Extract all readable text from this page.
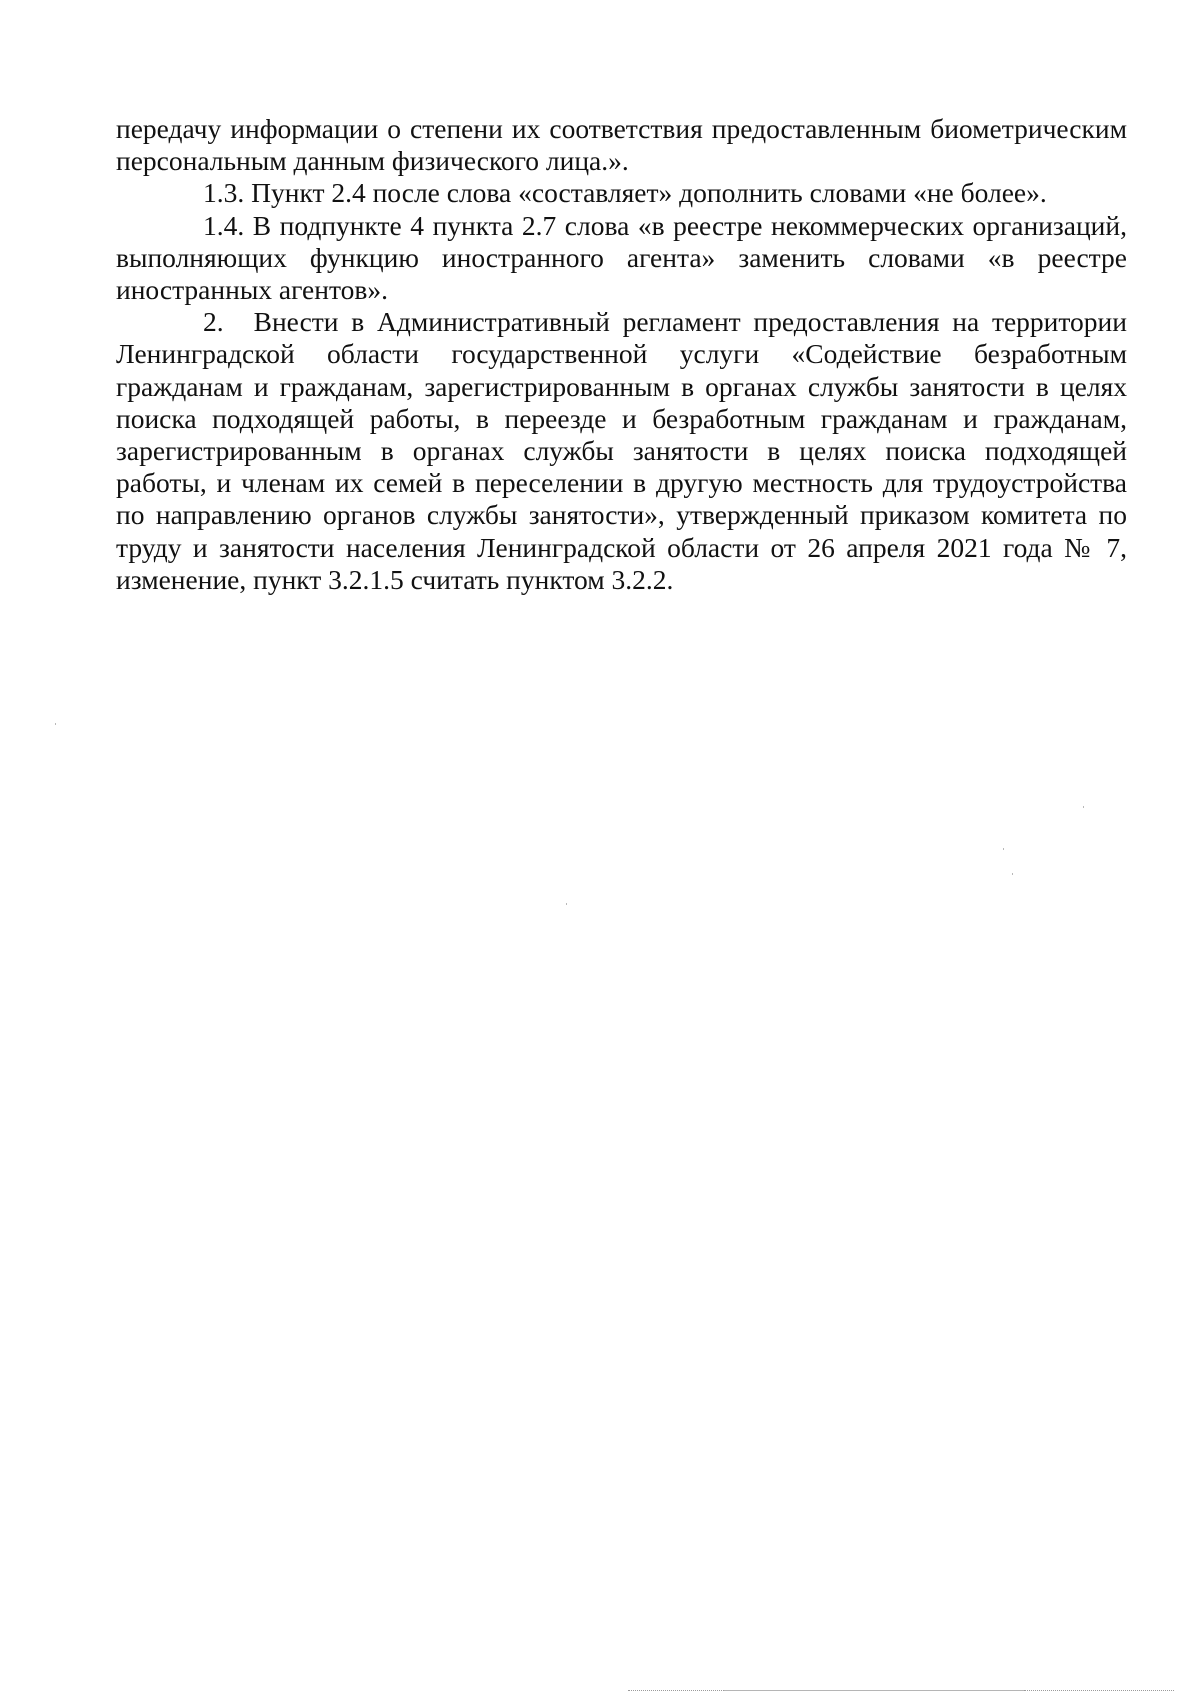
передачу информации о степени их соответствия предоставленным биометрическим персональным данным физического лица.».

1.3. Пункт 2.4 после слова «составляет» дополнить словами «не более».

1.4. В подпункте 4 пункта 2.7 слова «в реестре некоммерческих организаций, выполняющих функцию иностранного агента» заменить словами «в реестре иностранных агентов».

2. Внести в Административный регламент предоставления на территории Ленинградской области государственной услуги «Содействие безработным гражданам и гражданам, зарегистрированным в органах службы занятости в целях поиска подходящей работы, в переезде и безработным гражданам и гражданам, зарегистрированным в органах службы занятости в целях поиска подходящей работы, и членам их семей в переселении в другую местность для трудоустройства по направлению органов службы занятости», утвержденный приказом комитета по труду и занятости населения Ленинградской области от 26 апреля 2021 года № 7, изменение, пункт 3.2.1.5 считать пунктом 3.2.2.
